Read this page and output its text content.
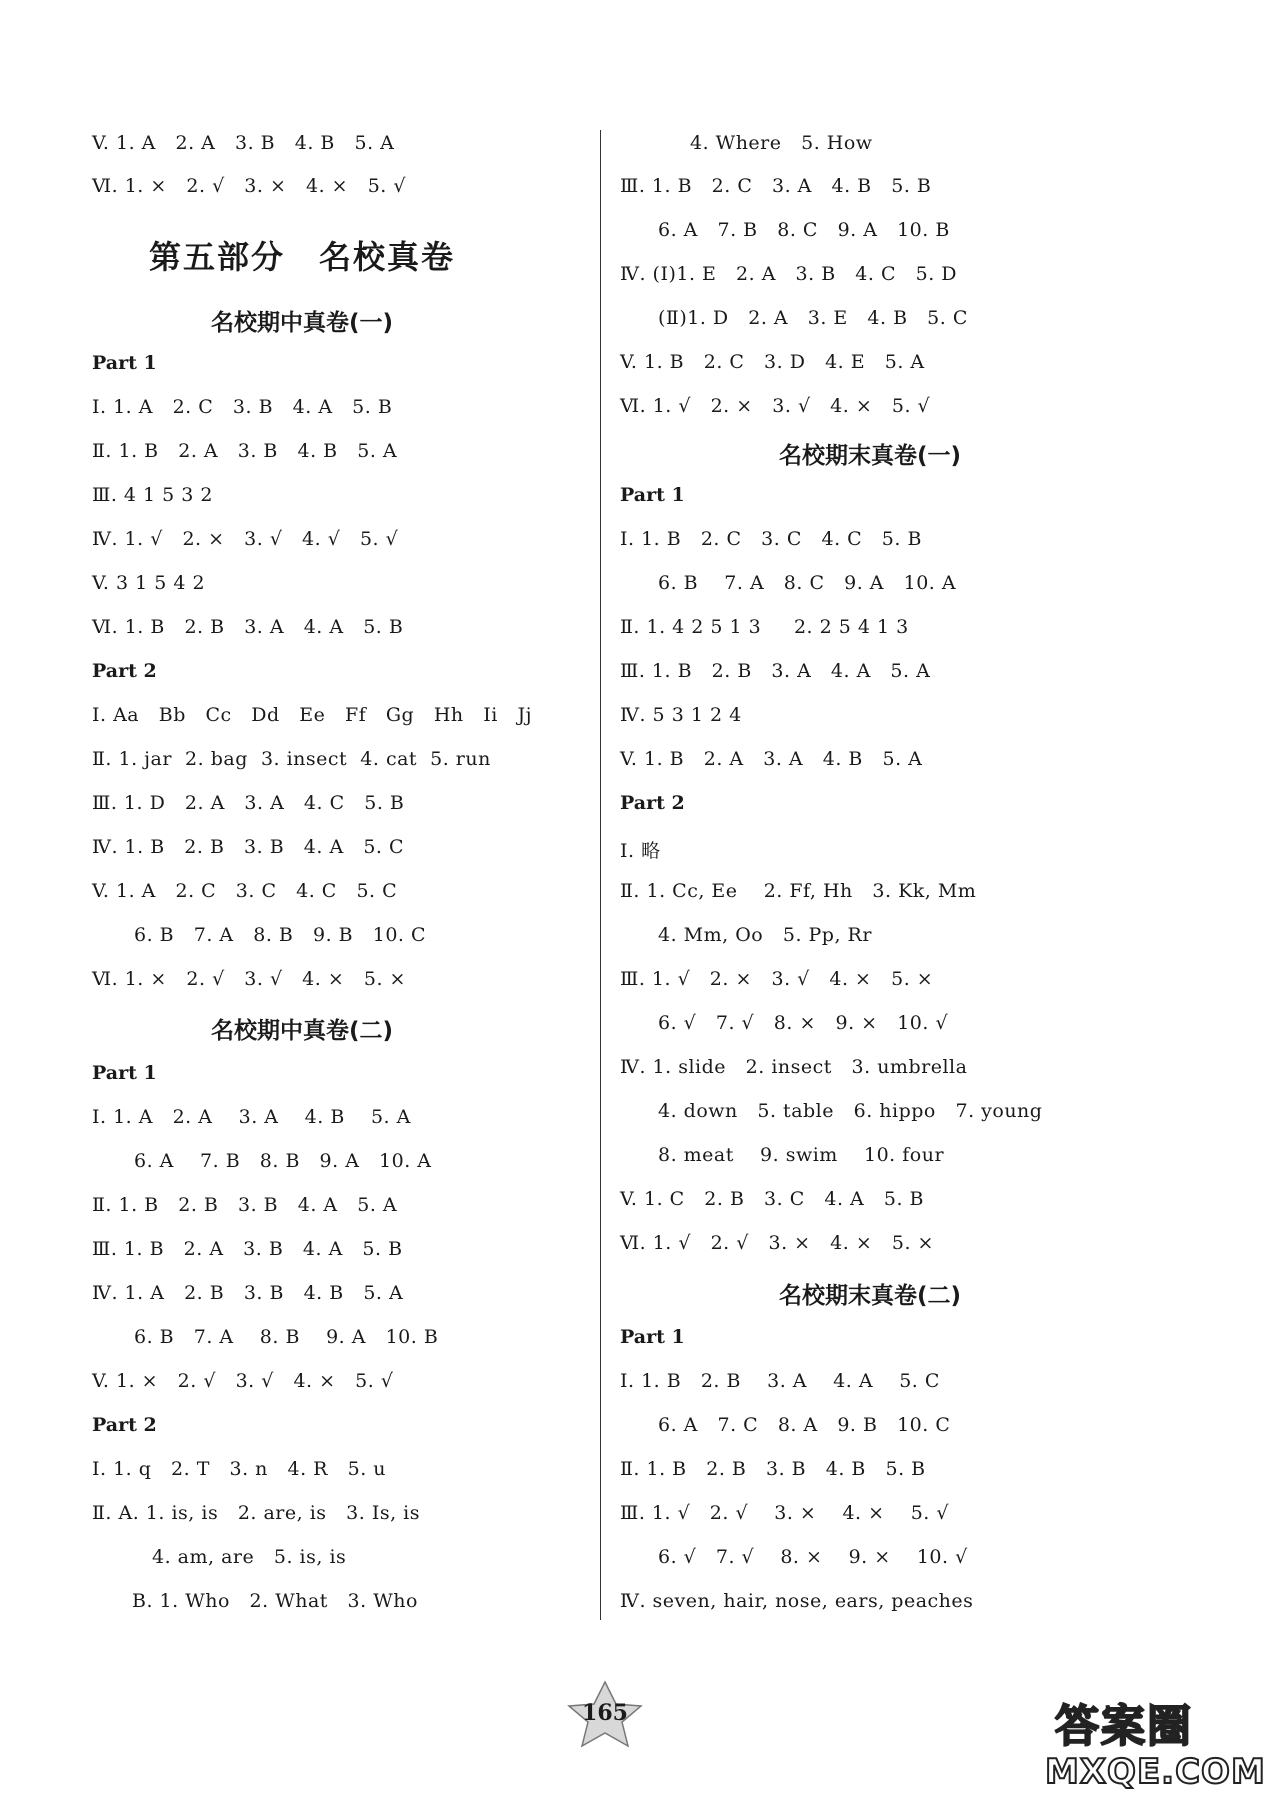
V. 1. A   2. A   3. B   4. B   5. A
Ⅵ. 1. ×   2. √   3. ×   4. ×   5. √
第五部分　名校真卷
名校期中真卷(一)
Part 1
Ⅰ. 1. A   2. C   3. B   4. A   5. B
Ⅱ. 1. B   2. A   3. B   4. B   5. A
Ⅲ. 4 1 5 3 2
Ⅳ. 1. √   2. ×   3. √   4. √   5. √
V. 3 1 5 4 2
Ⅵ. 1. B   2. B   3. A   4. A   5. B
Part 2
Ⅰ. Aa   Bb   Cc   Dd   Ee   Ff   Gg   Hh   Ii   Jj
Ⅱ. 1. jar  2. bag  3. insect  4. cat  5. run
Ⅲ. 1. D   2. A   3. A   4. C   5. B
Ⅳ. 1. B   2. B   3. B   4. A   5. C
V. 1. A   2. C   3. C   4. C   5. C
6. B   7. A   8. B   9. B   10. C
Ⅵ. 1. ×   2. √   3. √   4. ×   5. ×
名校期中真卷(二)
Part 1
Ⅰ. 1. A   2. A    3. A    4. B    5. A
6. A    7. B   8. B   9. A   10. A
Ⅱ. 1. B   2. B   3. B   4. A   5. A
Ⅲ. 1. B   2. A   3. B   4. A   5. B
Ⅳ. 1. A   2. B   3. B   4. B   5. A
6. B   7. A    8. B    9. A   10. B
V. 1. ×   2. √   3. √   4. ×   5. √
Part 2
Ⅰ. 1. q   2. T   3. n   4. R   5. u
Ⅱ. A. 1. is, is   2. are, is   3. Is, is
4. am, are   5. is, is
B. 1. Who   2. What   3. Who
4. Where   5. How
Ⅲ. 1. B   2. C   3. A   4. B   5. B
6. A   7. B   8. C   9. A   10. B
Ⅳ. (Ⅰ)1. E   2. A   3. B   4. C   5. D
(Ⅱ)1. D   2. A   3. E   4. B   5. C
V. 1. B   2. C   3. D   4. E   5. A
Ⅵ. 1. √   2. ×   3. √   4. ×   5. √
名校期末真卷(一)
Part 1
Ⅰ. 1. B   2. C   3. C   4. C   5. B
6. B    7. A   8. C   9. A   10. A
Ⅱ. 1. 4 2 5 1 3     2. 2 5 4 1 3
Ⅲ. 1. B   2. B   3. A   4. A   5. A
Ⅳ. 5 3 1 2 4
V. 1. B   2. A   3. A   4. B   5. A
Part 2
Ⅰ. 略
Ⅱ. 1. Cc, Ee    2. Ff, Hh   3. Kk, Mm
4. Mm, Oo   5. Pp, Rr
Ⅲ. 1. √   2. ×   3. √   4. ×   5. ×
6. √   7. √   8. ×   9. ×   10. √
Ⅳ. 1. slide   2. insect   3. umbrella
4. down   5. table   6. hippo   7. young
8. meat    9. swim    10. four
V. 1. C   2. B   3. C   4. A   5. B
Ⅵ. 1. √   2. √   3. ×   4. ×   5. ×
名校期末真卷(二)
Part 1
Ⅰ. 1. B   2. B    3. A    4. A    5. C
6. A   7. C   8. A   9. B   10. C
Ⅱ. 1. B   2. B   3. B   4. B   5. B
Ⅲ. 1. √   2. √    3. ×    4. ×    5. √
6. √   7. √    8. ×    9. ×    10. √
Ⅳ. seven, hair, nose, ears, peaches
165	答案圈
MXQE.COM
